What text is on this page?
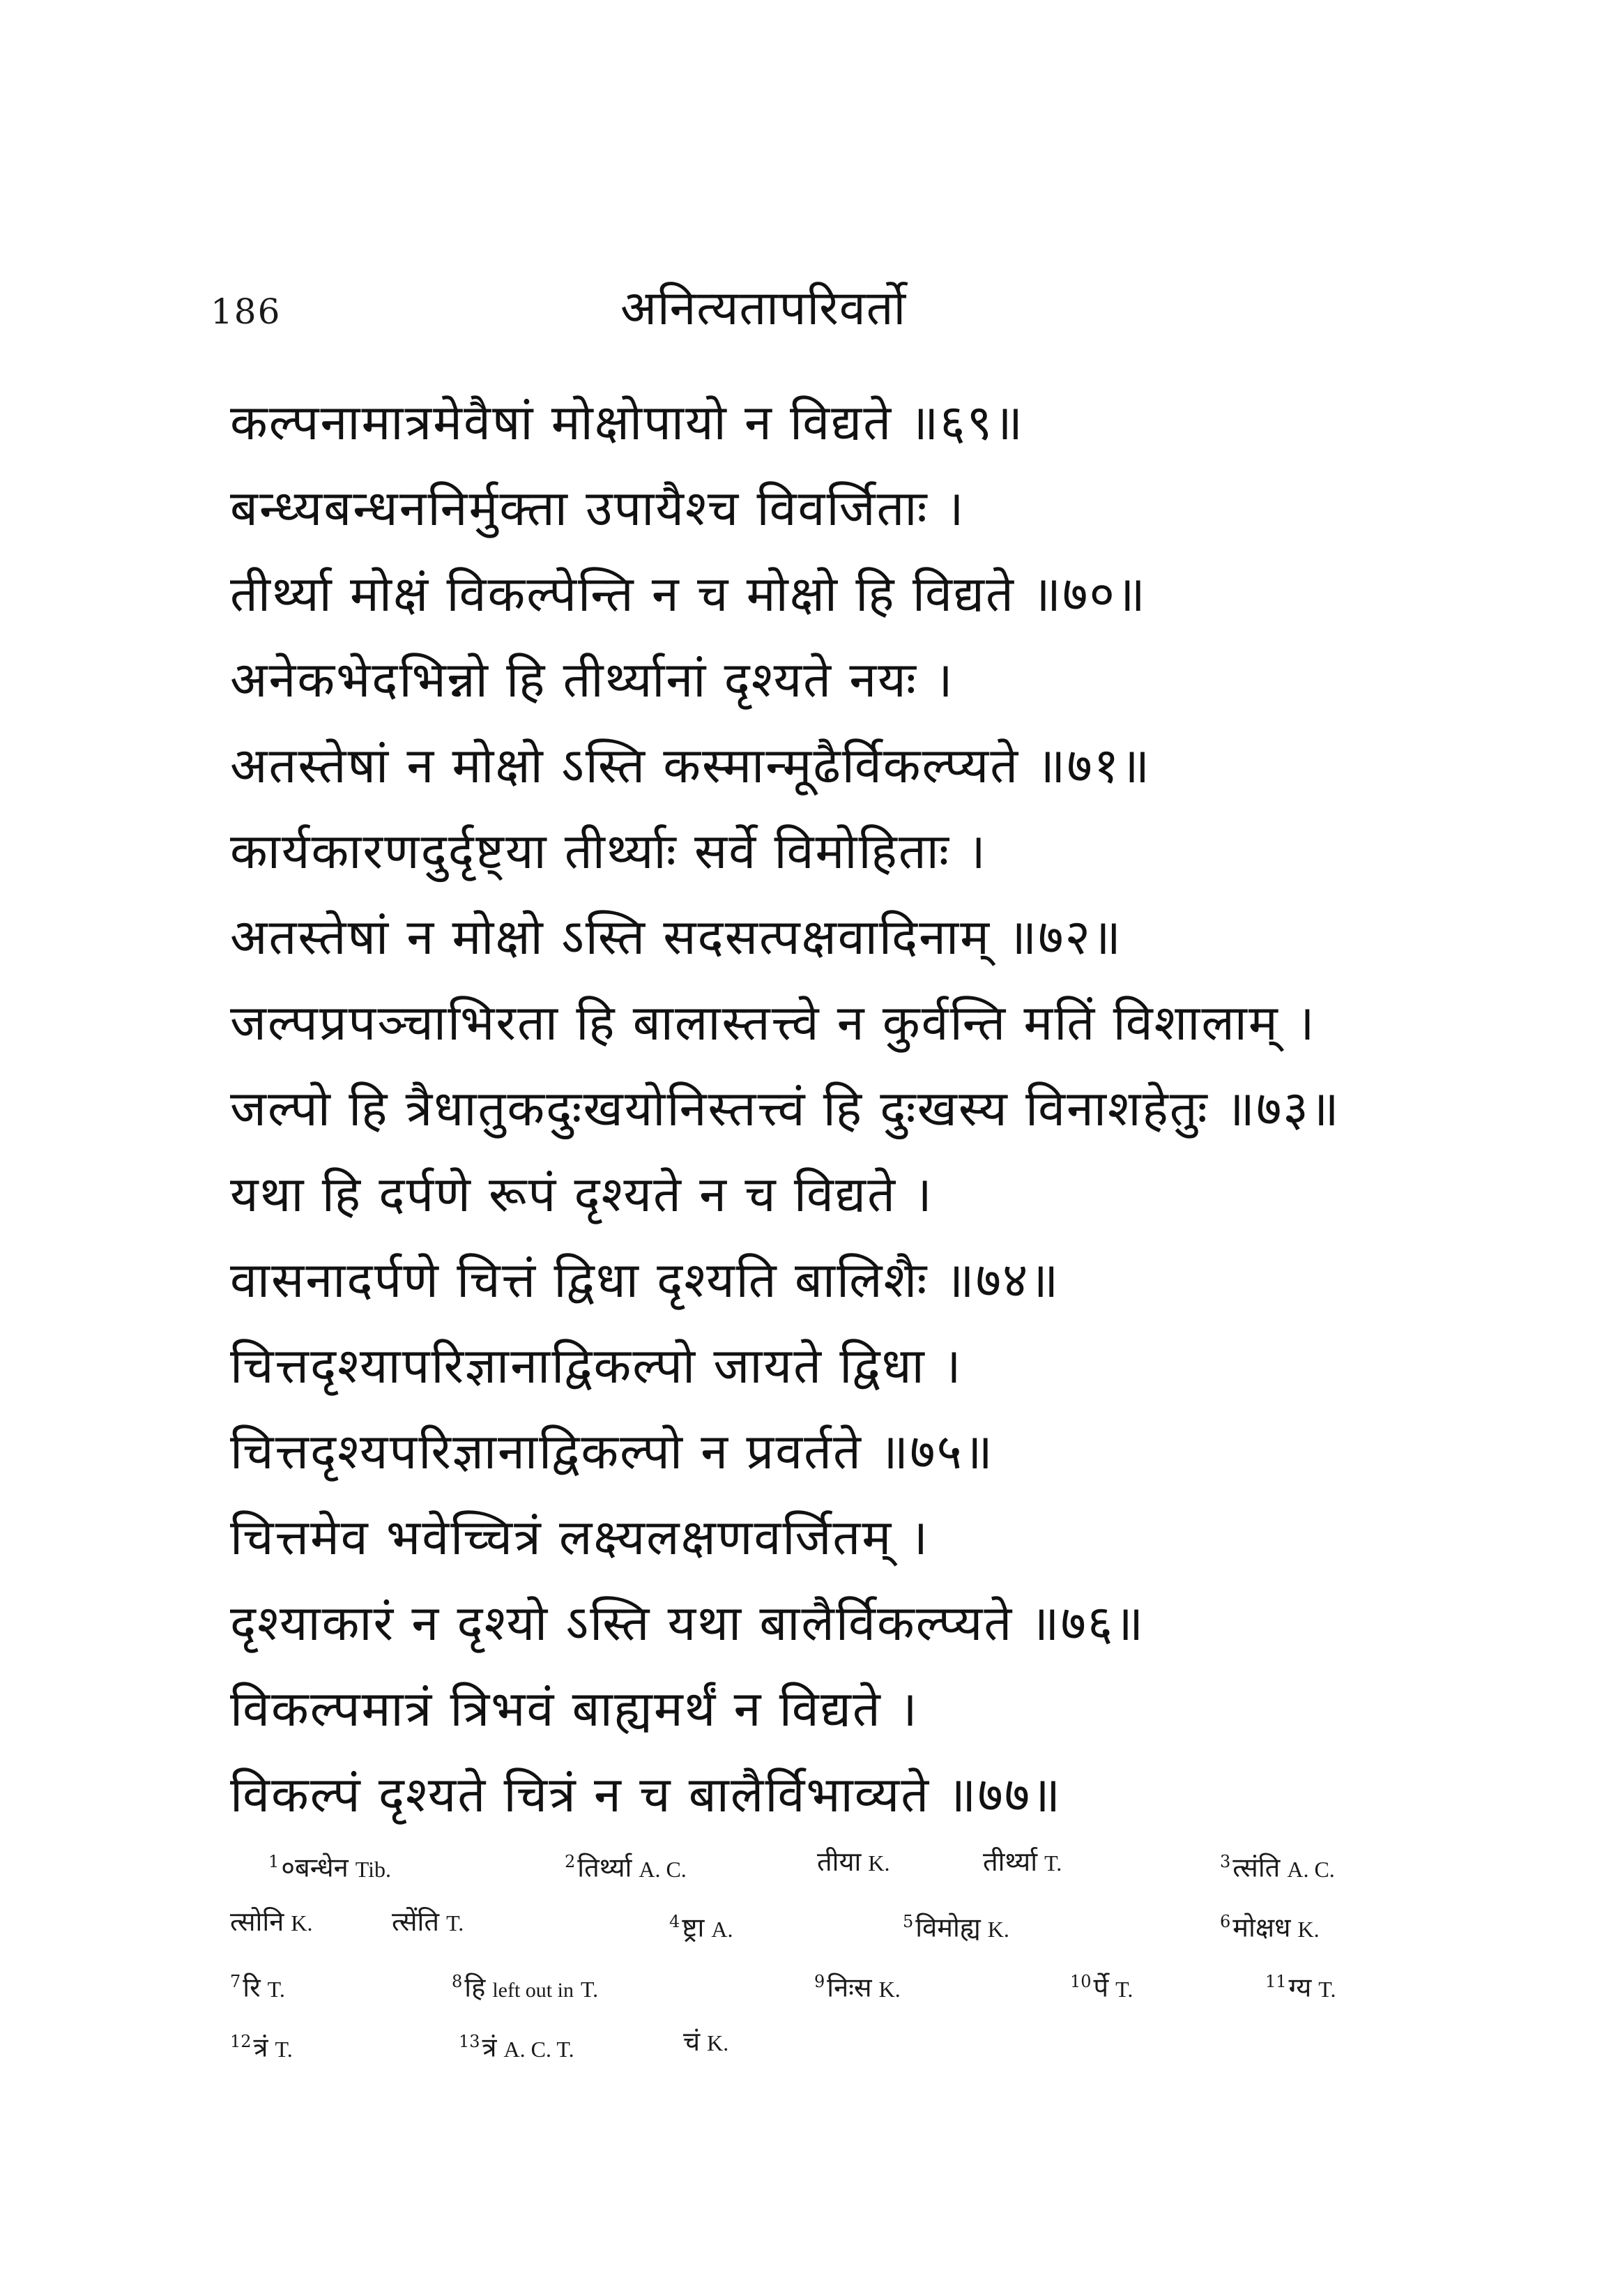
186	अनित्यतापरिवर्तो
कल्पनामात्रमेवैषां मोक्षोपायो न विद्यते ॥६९॥
बन्ध्यबन्धननिर्मुक्ता उपायैश्च विवर्जिताः ।
तीर्थ्या मोक्षं विकल्पेन्ति न च मोक्षो हि विद्यते ॥७०॥
अनेकभेदभिन्नो हि तीर्थ्यानां दृश्यते नयः ।
अतस्तेषां न मोक्षो ऽस्ति कस्मान्मूढैर्विकल्प्यते ॥७१॥
कार्यकारणदुर्दृष्ट्या तीर्थ्याः सर्वे विमोहिताः ।
अतस्तेषां न मोक्षो ऽस्ति सदसत्पक्षवादिनाम् ॥७२॥
जल्पप्रपञ्चाभिरता हि बालास्तत्त्वे न कुर्वन्ति मतिं विशालाम् ।
जल्पो हि त्रैधातुकदुःखयोनिस्तत्त्वं हि दुःखस्य विनाशहेतुः ॥७३॥
यथा हि दर्पणे रूपं दृश्यते न च विद्यते ।
वासनादर्पणे चित्तं द्विधा दृश्यति बालिशैः ॥७४॥
चित्तदृश्यापरिज्ञानाद्विकल्पो जायते द्विधा ।
चित्तदृश्यपरिज्ञानाद्विकल्पो न प्रवर्तते ॥७५॥
चित्तमेव भवेच्चित्रं लक्ष्यलक्षणवर्जितम् ।
दृश्याकारं न दृश्यो ऽस्ति यथा बालैर्विकल्प्यते ॥७६॥
विकल्पमात्रं त्रिभवं बाह्यमर्थं न विद्यते ।
विकल्पं दृश्यते चित्रं न च बालैर्विभाव्यते ॥७७॥
$^1$०बन्धेन Tib.	$^2$तिर्थ्या A. C.	तीया K.	तीर्थ्या T.	$^3$त्संति A. C.
त्सोनि K.	त्सेंति T.	$^4$ष्ट्रा A.	$^5$विमोह्य K.	$^6$मोक्षध K.
$^7$रि T.	$^8$हि left out in T.	$^9$निःस K.	$^{10}$र्पे T.	$^{11}$ग्य T.
$^{12}$त्रं T.	$^{13}$त्रं A. C. T.	चं K.
